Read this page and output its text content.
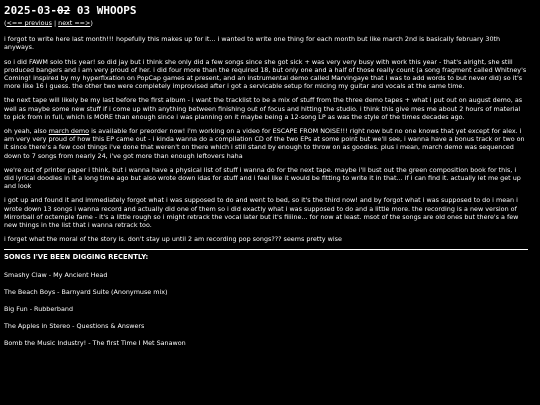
2025-03-02 03 WHOOPS
(<== previous | next ==>)

i forgot to write here last month!!! hopefully this makes up for it... i wanted to write one thing for each month but like march 2nd is basically february 30th anyways.

so i did FAWM solo this year! so did jay but i think she only did a few songs since she got sick + was very very busy with work this year - that's alright, she still produced bangers and i am very proud of her. i did four more than the required 18, but only one and a half of those really count (a song fragment called Whitney's Coming! inspired by my hyperfixation on PopCap games at present, and an instrumental demo called Marvingaye that i was to add words to but never did) so it's more like 16 i guess. the other two were completely improvised after i got a servicable setup for micing my guitar and vocals at the same time.

the next tape will likely be my last before the first album - i want the tracklist to be a mix of stuff from the three demo tapes + what i put out on august demo, as well as maybe some new stuff if i come up with anything between finishing out of focus and hitting the studio. i think this give mes me about 2 hours of material to pick from in full, which is MORE than enough since i was planning on it maybe being a 12-song LP as was the style of the times decades ago.

oh yeah, also march demo is available for preorder now! i'm working on a video for ESCAPE FROM NOISE!!! right now but no one knows that yet except for alex. i am very very proud of how this EP came out - i kinda wanna do a compilation CD of the two EPs at some point but we'll see, i wanna have a bonus track or two on it since there's a few cool things i've done that weren't on there which i still stand by enough to throw on as goodies. plus i mean, march demo was sequenced down to 7 songs from nearly 24, i've got more than enough leftovers haha

we're out of printer paper i think, but i wanna have a physical list of stuff i wanna do for the next tape. maybe i'll bust out the green composition book for this, i did lyrical doodles in it a long time ago but also wrote down idas for stuff and i feel like it would be fitting to write it in that... if i can find it. actually let me get up and look

i got up and found it and immediately forgot what i was supposed to do and went to bed, so it's the third now! and by forgot what i was supposed to do i mean i wrote down 13 songs i wanna record and actually did one of them so i did exactly what i was supposed to do and a little more. the recording is a new version of Mirrorball of octemple fame - it's a little rough so i might retrack the vocal later but it's fiiiine... for now at least. msot of the songs are old ones but there's a few new things in the list that i wanna retrack too.

i forget what the moral of the story is. don't stay up until 2 am recording pop songs??? seems pretty wise

SONGS I'VE BEEN DIGGING RECENTLY:
Smashy Claw - My Ancient Head
The Beach Boys - Barnyard Suite (Anonymuse mix)
Big Fun - Rubberband
The Apples in Stereo - Questions & Answers
Bomb the Music Industry! - The first Time I Met Sanawon
